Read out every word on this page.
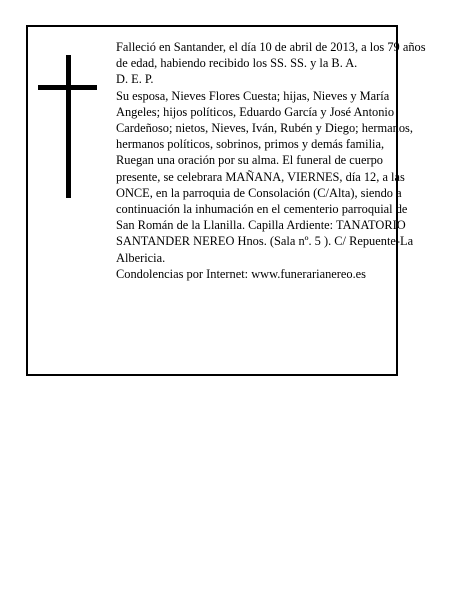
Falleció en Santander, el día 10 de abril de 2013, a los 79 años de edad, habiendo recibido los SS. SS. y la B. A.

D. E. P.

Su esposa, Nieves Flores Cuesta; hijas, Nieves y María Angeles; hijos políticos, Eduardo García y José Antonio Cardeñoso; nietos, Nieves, Iván, Rubén y Diego; hermanos, hermanos políticos, sobrinos, primos y demás familia,

Ruegan una oración por su alma. El funeral de cuerpo presente, se celebrara MAÑANA, VIERNES, día 12, a las ONCE, en la parroquia de Consolación (C/Alta), siendo a continuación la inhumación en el cementerio parroquial de San Román de la Llanilla. Capilla Ardiente: TANATORIO SANTANDER NEREO Hnos. (Sala nº. 5 ). C/ Repuente-La Albericia.

Condolencias por Internet: www.funerarianereo.es
